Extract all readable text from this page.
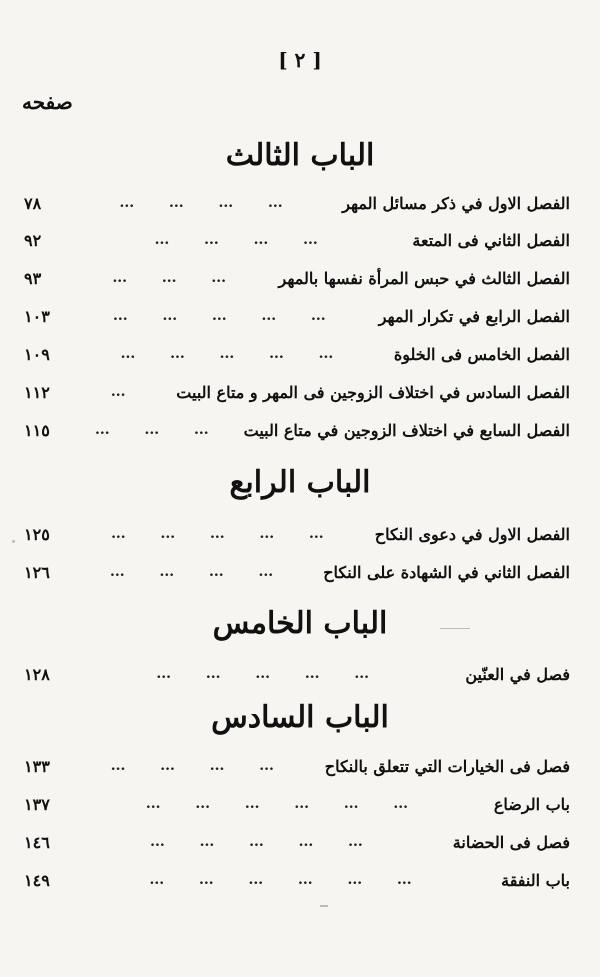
[ ٢ ]
صفحه
الباب الثالث
الفصل الاول في ذكر مسائل المهر
... ... ... ...
٧٨
الفصل الثاني فى المتعة
... ... ... ...
٩٢
الفصل الثالث في حبس المرأة نفسها بالمهر
... ... ...
٩٣
الفصل الرابع في تكرار المهر
... ... ... ... ...
١٠٣
الفصل الخامس فى الخلوة
... ... ... ... ...
١٠٩
الفصل السادس في اختلاف الزوجين فى المهر و متاع البيت
...
١١٢
الفصل السابع في اختلاف الزوجين في متاع البيت
... ... ...
١١٥
الباب الرابع
الفصل الاول في دعوى النكاح
... ... ... ... ...
١٢٥
الفصل الثاني في الشهادة على النكاح
... ... ... ...
١٢٦
الباب الخامس
فصل في العنّين
... ... ... ... ...
١٢٨
الباب السادس
فصل فى الخيارات التي تتعلق بالنكاح
... ... ... ...
١٣٣
باب الرضاع
... ... ... ... ... ...
١٣٧
فصل فى الحضانة
... ... ... ... ...
١٤٦
باب النفقة
... ... ... ... ... ...
١٤٩
